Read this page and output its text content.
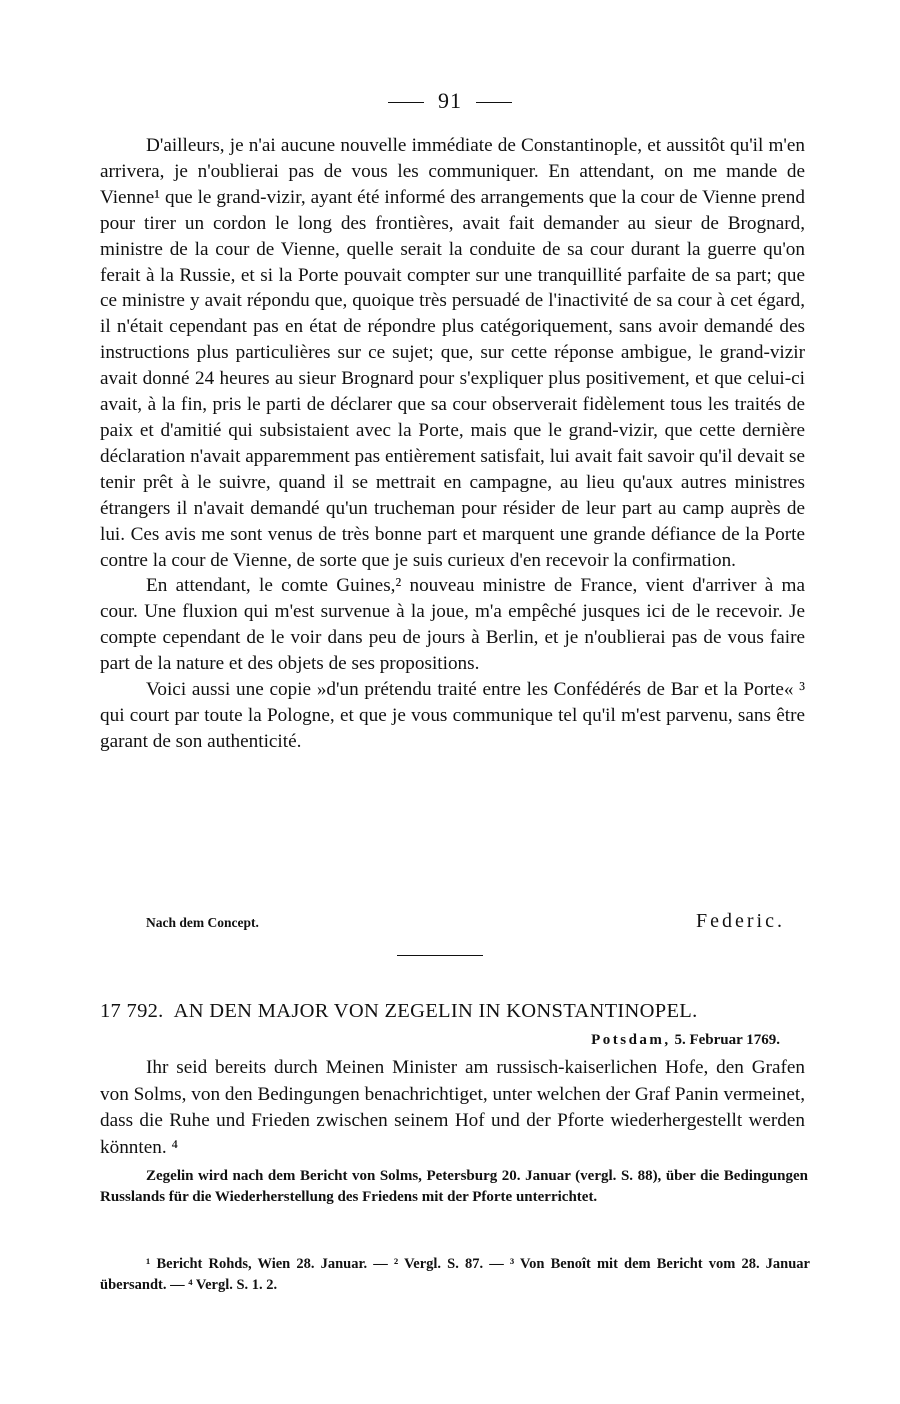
91

D'ailleurs, je n'ai aucune nouvelle immédiate de Constantinople, et aussitôt qu'il m'en arrivera, je n'oublierai pas de vous les communiquer. En attendant, on me mande de Vienne¹ que le grand-vizir, ayant été informé des arrangements que la cour de Vienne prend pour tirer un cordon le long des frontières, avait fait demander au sieur de Brognard, ministre de la cour de Vienne, quelle serait la conduite de sa cour durant la guerre qu'on ferait à la Russie, et si la Porte pouvait compter sur une tranquillité parfaite de sa part; que ce ministre y avait répondu que, quoique très persuadé de l'inactivité de sa cour à cet égard, il n'était cependant pas en état de répondre plus catégoriquement, sans avoir demandé des instructions plus particulières sur ce sujet; que, sur cette réponse ambigue, le grand-vizir avait donné 24 heures au sieur Brognard pour s'expliquer plus positivement, et que celui-ci avait, à la fin, pris le parti de déclarer que sa cour observerait fidèlement tous les traités de paix et d'amitié qui subsistaient avec la Porte, mais que le grand-vizir, que cette dernière déclaration n'avait apparemment pas entièrement satisfait, lui avait fait savoir qu'il devait se tenir prêt à le suivre, quand il se mettrait en campagne, au lieu qu'aux autres ministres étrangers il n'avait demandé qu'un trucheman pour résider de leur part au camp auprès de lui. Ces avis me sont venus de très bonne part et marquent une grande défiance de la Porte contre la cour de Vienne, de sorte que je suis curieux d'en recevoir la confirmation.

En attendant, le comte Guines,² nouveau ministre de France, vient d'arriver à ma cour. Une fluxion qui m'est survenue à la joue, m'a empêché jusques ici de le recevoir. Je compte cependant de le voir dans peu de jours à Berlin, et je n'oublierai pas de vous faire part de la nature et des objets de ses propositions.

Voici aussi une copie »d'un prétendu traité entre les Confédérés de Bar et la Porte« ³ qui court par toute la Pologne, et que je vous communique tel qu'il m'est parvenu, sans être garant de son authenticité.

Nach dem Concept.	Federic.
17 792. AN DEN MAJOR VON ZEGELIN IN KONSTANTINOPEL.
Potsdam, 5. Februar 1769.

Ihr seid bereits durch Meinen Minister am russisch-kaiserlichen Hofe, den Grafen von Solms, von den Bedingungen benachrichtiget, unter welchen der Graf Panin vermeinet, dass die Ruhe und Frieden zwischen seinem Hof und der Pforte wiederhergestellt werden könnten. ⁴

Zegelin wird nach dem Bericht von Solms, Petersburg 20. Januar (vergl. S. 88), über die Bedingungen Russlands für die Wiederherstellung des Friedens mit der Pforte unterrichtet.

¹ Bericht Rohds, Wien 28. Januar. — ² Vergl. S. 87. — ³ Von Benoît mit dem Bericht vom 28. Januar übersandt. — ⁴ Vergl. S. 1. 2.
